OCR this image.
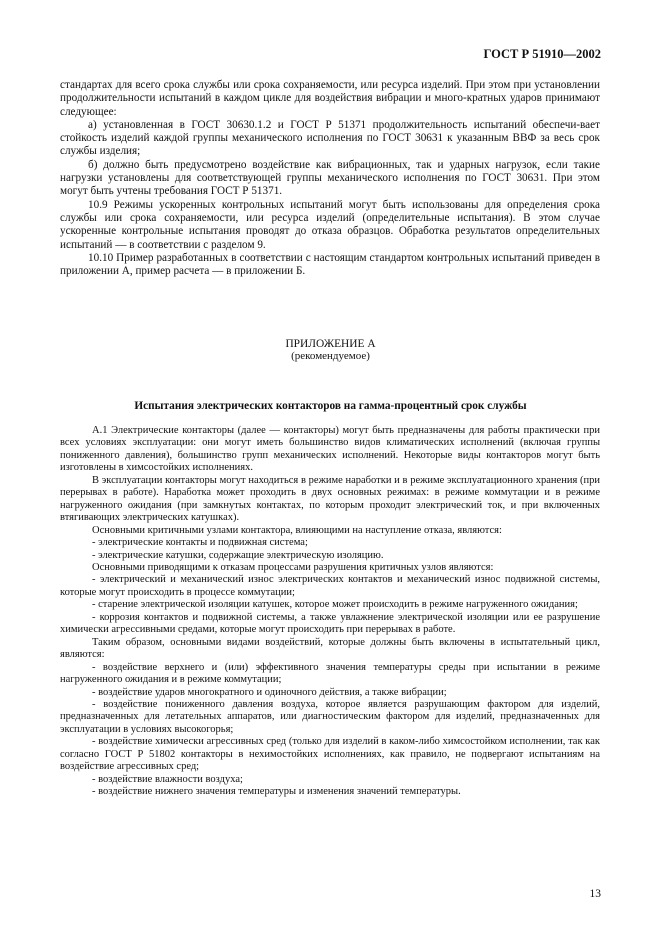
ГОСТ Р 51910—2002

стандартах для всего срока службы или срока сохраняемости, или ресурса изделий. При этом при установлении продолжительности испытаний в каждом цикле для воздействия вибрации и много-кратных ударов принимают следующее:

а) установленная в ГОСТ 30630.1.2 и ГОСТ Р 51371 продолжительность испытаний обеспечи-вает стойкость изделий каждой группы механического исполнения по ГОСТ 30631 к указанным ВВФ за весь срок службы изделия;

б) должно быть предусмотрено воздействие как вибрационных, так и ударных нагрузок, если такие нагрузки установлены для соответствующей группы механического исполнения по ГОСТ 30631. При этом могут быть учтены требования ГОСТ Р 51371.

10.9 Режимы ускоренных контрольных испытаний могут быть использованы для определения срока службы или срока сохраняемости, или ресурса изделий (определительные испытания). В этом случае ускоренные контрольные испытания проводят до отказа образцов. Обработка результатов определительных испытаний — в соответствии с разделом 9.

10.10 Пример разработанных в соответствии с настоящим стандартом контрольных испытаний приведен в приложении А, пример расчета — в приложении Б.

ПРИЛОЖЕНИЕ А
(рекомендуемое)
Испытания электрических контакторов на гамма-процентный срок службы

А.1 Электрические контакторы (далее — контакторы) могут быть предназначены для работы практически при всех условиях эксплуатации: они могут иметь большинство видов климатических исполнений (включая группы пониженного давления), большинство групп механических исполнений. Некоторые виды контакторов могут быть изготовлены в химсостойких исполнениях.

В эксплуатации контакторы могут находиться в режиме наработки и в режиме эксплуатационного хранения (при перерывах в работе). Наработка может проходить в двух основных режимах: в режиме коммутации и в режиме нагруженного ожидания (при замкнутых контактах, по которым проходит электрический ток, и при включенных втягивающих электрических катушках).

Основными критичными узлами контактора, влияющими на наступление отказа, являются:

- электрические контакты и подвижная система;

- электрические катушки, содержащие электрическую изоляцию.

Основными приводящими к отказам процессами разрушения критичных узлов являются:

- электрический и механический износ электрических контактов и механический износ подвижной системы, которые могут происходить в процессе коммутации;

- старение электрической изоляции катушек, которое может происходить в режиме нагруженного ожидания;

- коррозия контактов и подвижной системы, а также увлажнение электрической изоляции или ее разрушение химически агрессивными средами, которые могут происходить при перерывах в работе.

Таким образом, основными видами воздействий, которые должны быть включены в испытательный цикл, являются:

- воздействие верхнего и (или) эффективного значения температуры среды при испытании в режиме нагруженного ожидания и в режиме коммутации;

- воздействие ударов многократного и одиночного действия, а также вибрации;

- воздействие пониженного давления воздуха, которое является разрушающим фактором для изделий, предназначенных для летательных аппаратов, или диагностическим фактором для изделий, предназначенных для эксплуатации в условиях высокогорья;

- воздействие химически агрессивных сред (только для изделий в каком-либо химсостойком исполнении, так как согласно ГОСТ Р 51802 контакторы в нехимостойких исполнениях, как правило, не подвергают испытаниям на воздействие агрессивных сред;

- воздействие влажности воздуха;

- воздействие нижнего значения температуры и изменения значений температуры.

13
